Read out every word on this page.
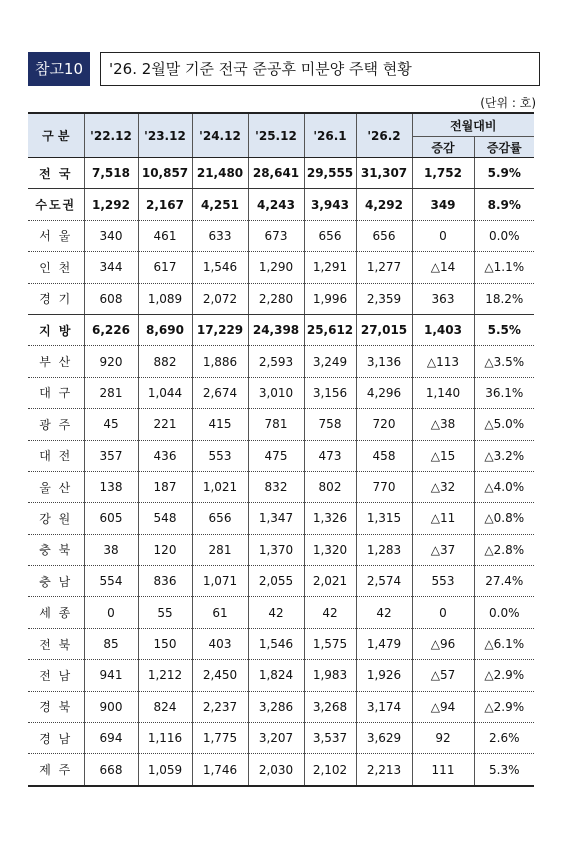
참고10	'26. 2월말 기준 전국 준공후 미분양 주택 현황
(단위 : 호)
구 분	'22.12	'23.12	'24.12	'25.12	'26.1	'26.2	전월대비	
							증감	증감률
전 국	7,518	10,857	21,480	28,641	29,555	31,307	1,752	5.9%
수도권	1,292	2,167	4,251	4,243	3,943	4,292	349	8.9%
서 울	340	461	633	673	656	656	0	0.0%
인 천	344	617	1,546	1,290	1,291	1,277	△14	△1.1%
경 기	608	1,089	2,072	2,280	1,996	2,359	363	18.2%
지 방	6,226	8,690	17,229	24,398	25,612	27,015	1,403	5.5%
부 산	920	882	1,886	2,593	3,249	3,136	△113	△3.5%
대 구	281	1,044	2,674	3,010	3,156	4,296	1,140	36.1%
광 주	45	221	415	781	758	720	△38	△5.0%
대 전	357	436	553	475	473	458	△15	△3.2%
울 산	138	187	1,021	832	802	770	△32	△4.0%
강 원	605	548	656	1,347	1,326	1,315	△11	△0.8%
충 북	38	120	281	1,370	1,320	1,283	△37	△2.8%
충 남	554	836	1,071	2,055	2,021	2,574	553	27.4%
세 종	0	55	61	42	42	42	0	0.0%
전 북	85	150	403	1,546	1,575	1,479	△96	△6.1%
전 남	941	1,212	2,450	1,824	1,983	1,926	△57	△2.9%
경 북	900	824	2,237	3,286	3,268	3,174	△94	△2.9%
경 남	694	1,116	1,775	3,207	3,537	3,629	92	2.6%
제 주	668	1,059	1,746	2,030	2,102	2,213	111	5.3%
